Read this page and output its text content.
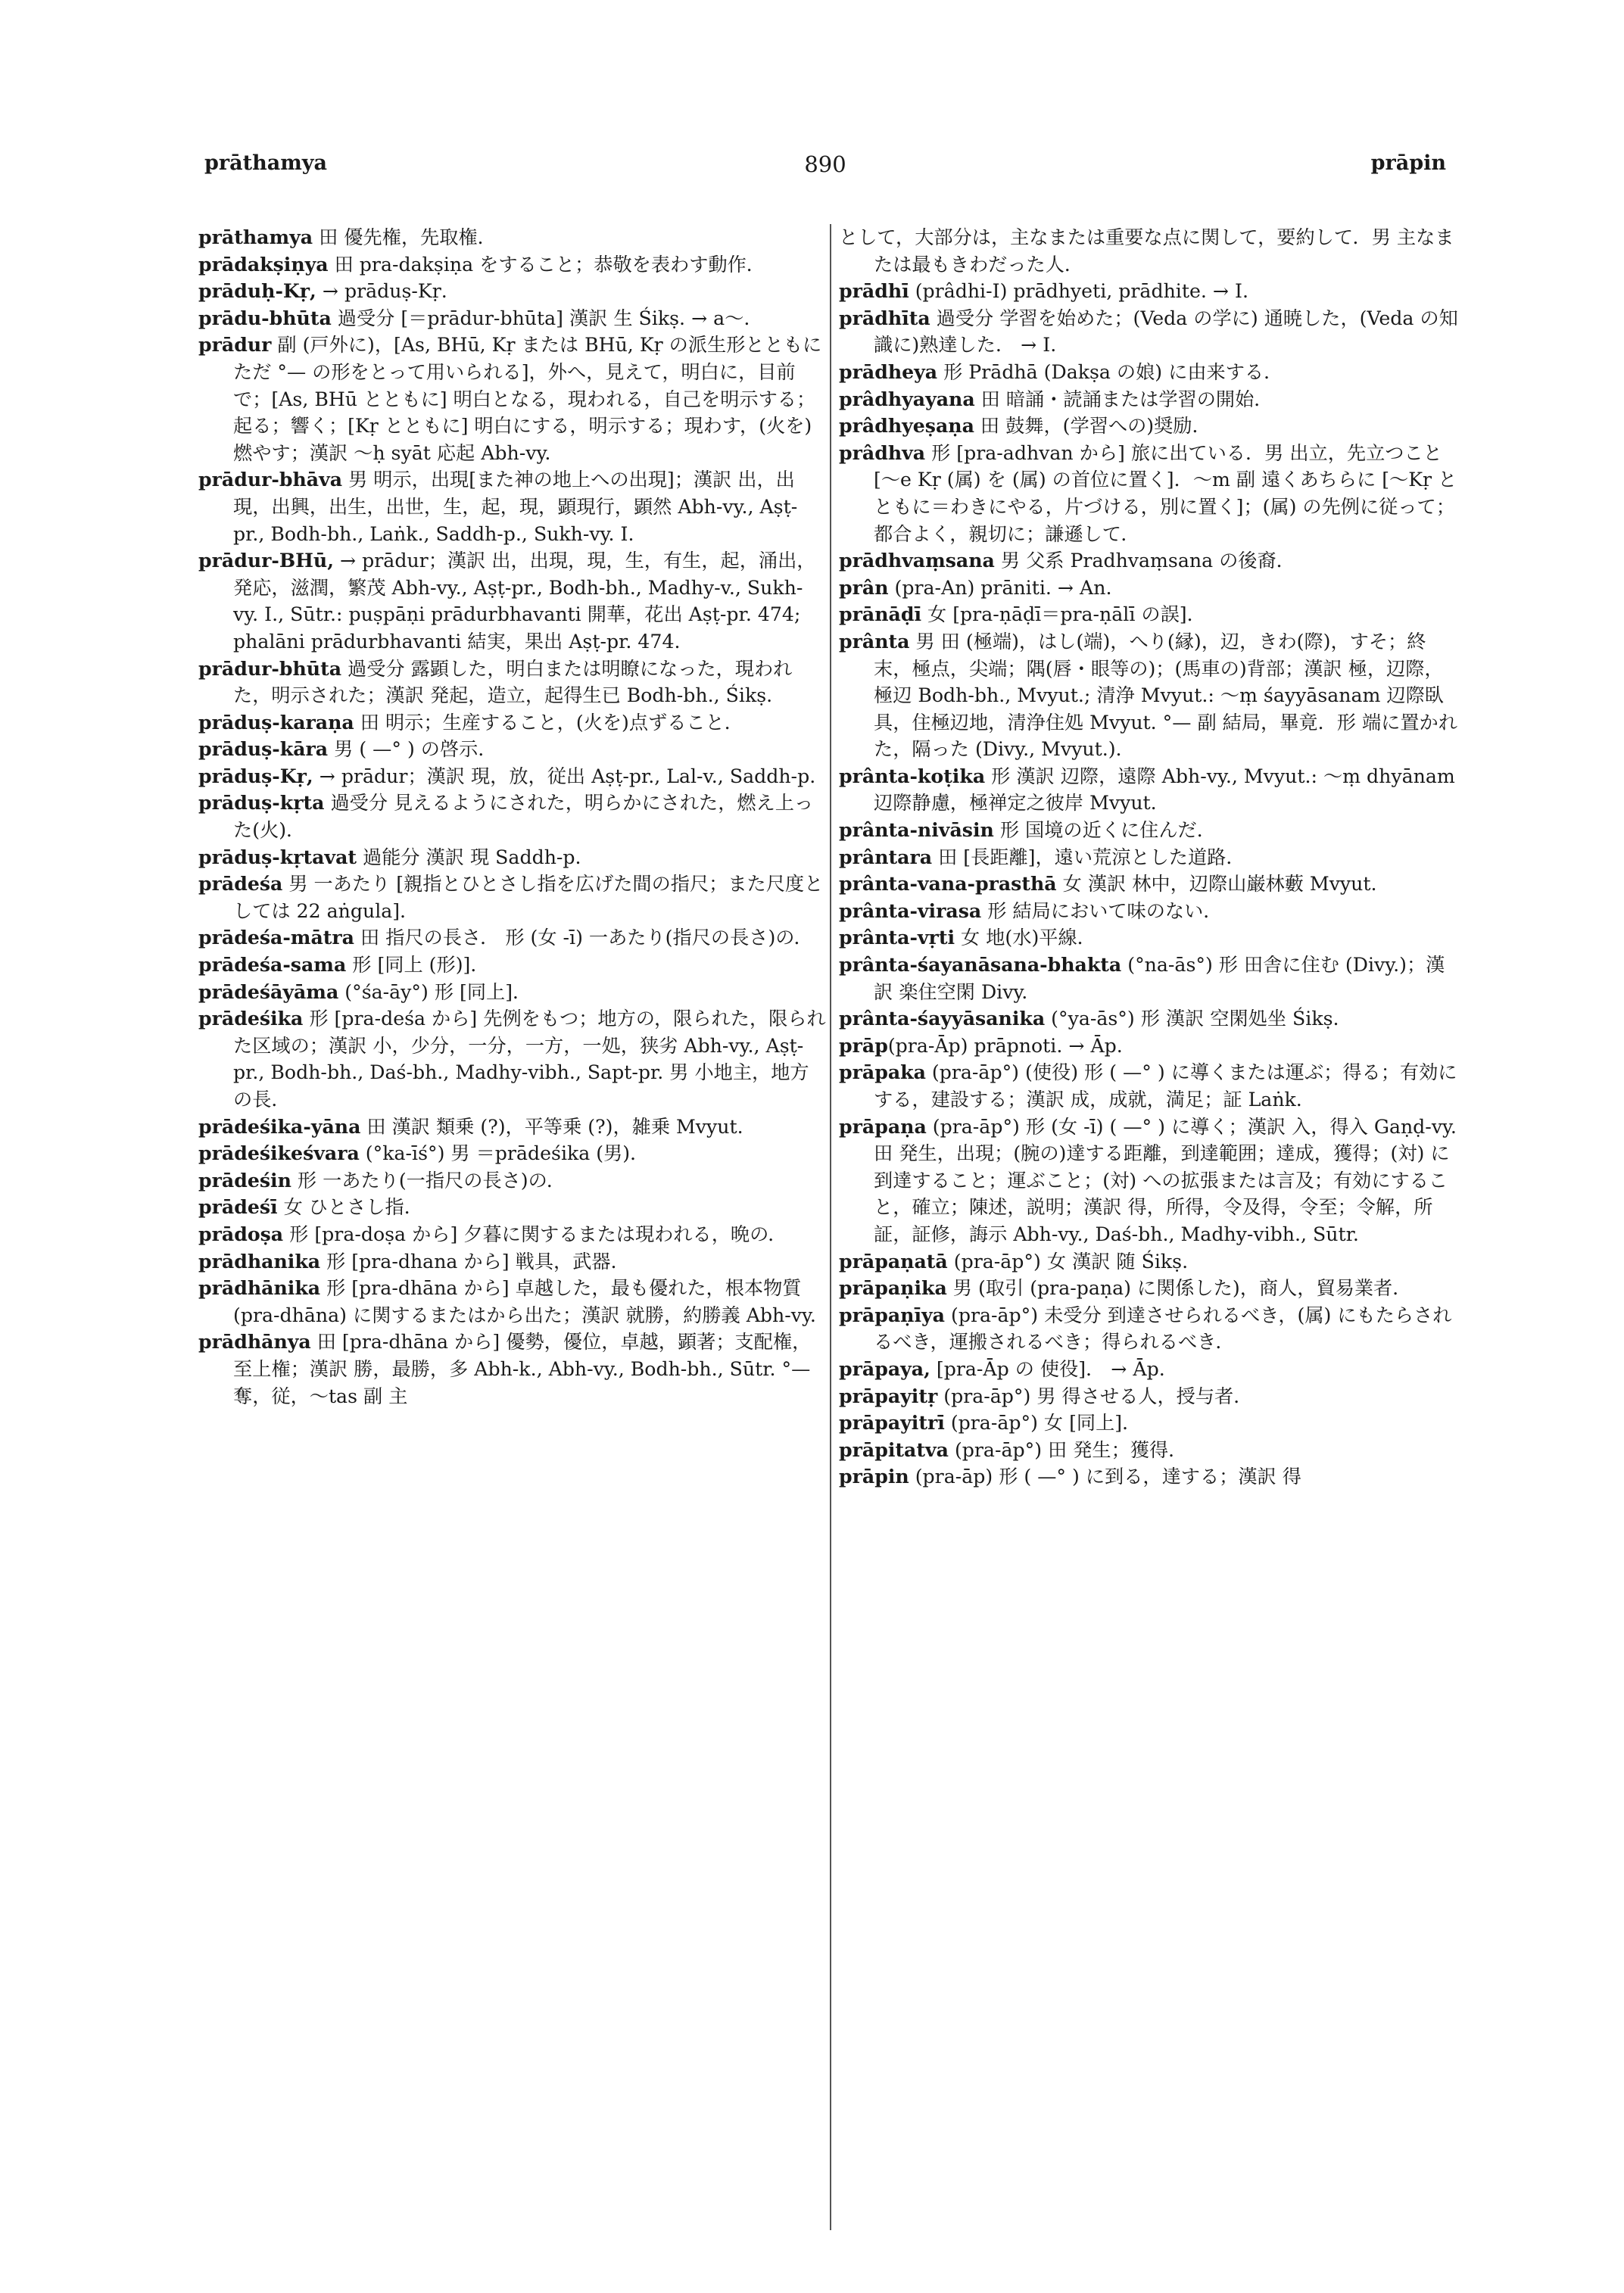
prāthamya	890	prāpin

prāthamya 田 優先権，先取権．

prādakṣiṇya 田 pra-dakṣiṇa をすること；恭敬を表わす動作．

prāduḥ-Kṛ, → prāduṣ-Kṛ.

prādu-bhūta 過受分 [＝prādur-bhūta] 漢訳 生 Śikṣ. → a〜.

prādur 副 (戸外に)，[As, BHū, Kṛ または BHū, Kṛ の派生形とともにただ °— の形をとって用いられる]，外へ，見えて，明白に，目前で；[As, BHū とともに] 明白となる，現われる，自己を明示する；起る；響く；[Kṛ とともに] 明白にする，明示する；現わす，(火を)燃やす；漢訳 〜ḥ syāt 応起 Abh-vy.

prādur-bhāva 男 明示，出現[また神の地上への出現]；漢訳 出，出現，出興，出生，出世，生，起，現，顕現行，顕然 Abh-vy., Aṣṭ-pr., Bodh-bh., Laṅk., Saddh-p., Sukh-vy. I.

prādur-BHū, → prādur；漢訳 出，出現，現，生，有生，起，涌出，発応，滋潤，繁茂 Abh-vy., Aṣṭ-pr., Bodh-bh., Madhy-v., Sukh-vy. I., Sūtr.: puṣpāṇi prādurbhavanti 開華，花出 Aṣṭ-pr. 474; phalāni prādurbhavanti 結実，果出 Aṣṭ-pr. 474.

prādur-bhūta 過受分 露顕した，明白または明瞭になった，現われた，明示された；漢訳 発起，造立，起得生已 Bodh-bh., Śikṣ.

prāduṣ-karaṇa 田 明示；生産すること，(火を)点ずること．

prāduṣ-kāra 男 ( —° ) の啓示．

prāduṣ-Kṛ, → prādur；漢訳 現，放，従出 Aṣṭ-pr., Lal-v., Saddh-p.

prāduṣ-kṛta 過受分 見えるようにされた，明らかにされた，燃え上った(火)．

prāduṣ-kṛtavat 過能分 漢訳 現 Saddh-p.

prādeśa 男 一あたり [親指とひとさし指を広げた間の指尺；また尺度としては 22 aṅgula]．

prādeśa-mātra 田 指尺の長さ． 形 (女 -ī) 一あたり(指尺の長さ)の．

prādeśa-sama 形 [同上 (形)]．

prādeśāyāma (°śa-āy°) 形 [同上]．

prādeśika 形 [pra-deśa から] 先例をもつ；地方の，限られた，限られた区域の；漢訳 小，少分，一分，一方，一処，狭劣 Abh-vy., Aṣṭ-pr., Bodh-bh., Daś-bh., Madhy-vibh., Sapt-pr. 男 小地主，地方の長．

prādeśika-yāna 田 漢訳 類乗 (?)，平等乗 (?)，雑乗 Mvyut.

prādeśikeśvara (°ka-īś°) 男 ＝prādeśika (男)．

prādeśin 形 一あたり(一指尺の長さ)の．

prādeśī 女 ひとさし指．

prādoṣa 形 [pra-doṣa から] 夕暮に関するまたは現われる，晩の．

prādhanika 形 [pra-dhana から] 戦具，武器．

prādhānika 形 [pra-dhāna から] 卓越した，最も優れた，根本物質 (pra-dhāna) に関するまたはから出た；漢訳 就勝，約勝義 Abh-vy.

prādhānya 田 [pra-dhāna から] 優勢，優位，卓越，顕著；支配権，至上権；漢訳 勝，最勝，多 Abh-k., Abh-vy., Bodh-bh., Sūtr. °— 奪，従，〜tas 副 主

として，大部分は，主なまたは重要な点に関して，要約して．男 主なまたは最もきわだった人．

prādhī (prâdhi-I) prādhyeti, prādhite. → I.

prādhīta 過受分 学習を始めた；(Veda の学に) 通暁した，(Veda の知識に)熟達した． → I.

prādheya 形 Prādhā (Dakṣa の娘) に由来する．

prâdhyayana 田 暗誦・読誦または学習の開始．

prâdhyeṣaṇa 田 鼓舞，(学習への)奨励．

prâdhva 形 [pra-adhvan から] 旅に出ている．男 出立，先立つこと [〜e Kṛ (属) を (属) の首位に置く]．〜m 副 遠くあちらに [〜Kṛ とともに＝わきにやる，片づける，別に置く]；(属) の先例に従って；都合よく，親切に；謙遜して．

prādhvaṃsana 男 父系 Pradhvaṃsana の後裔．

prân (pra-An) prāniti. → An.

prānāḍī 女 [pra-ṇāḍī＝pra-ṇālī の誤]．

prânta 男 田 (極端)，はし(端)，へり(縁)，辺，きわ(際)，すそ；終末，極点，尖端；隅(唇・眼等の)；(馬車の)背部；漢訳 極，辺際，極辺 Bodh-bh., Mvyut.; 清浄 Mvyut.: 〜ṃ śayyāsanam 辺際臥具，住極辺地，清浄住処 Mvyut. °— 副 結局，畢竟．形 端に置かれた，隔った (Divy., Mvyut.)．

prânta-koṭika 形 漢訳 辺際，遠際 Abh-vy., Mvyut.: 〜ṃ dhyānam 辺際静慮，極禅定之彼岸 Mvyut.

prânta-nivāsin 形 国境の近くに住んだ．

prântara 田 [長距離]，遠い荒涼とした道路．

prânta-vana-prasthā 女 漢訳 林中，辺際山巌林藪 Mvyut.

prânta-virasa 形 結局において味のない．

prânta-vṛti 女 地(水)平線．

prânta-śayanāsana-bhakta (°na-ās°) 形 田舎に住む (Divy.)；漢訳 楽住空閑 Divy.

prânta-śayyāsanika (°ya-ās°) 形 漢訳 空閑処坐 Śikṣ.

prāp(pra-Āp) prāpnoti. → Āp.

prāpaka (pra-āp°) (使役) 形 ( —° ) に導くまたは運ぶ；得る；有効にする，建設する；漢訳 成，成就，満足；証 Laṅk.

prāpaṇa (pra-āp°) 形 (女 -ī) ( —° ) に導く；漢訳 入，得入 Gaṇḍ-vy. 田 発生，出現；(腕の)達する距離，到達範囲；達成，獲得；(対) に到達すること；運ぶこと；(対) への拡張または言及；有効にすること，確立；陳述，説明；漢訳 得，所得，令及得，令至；令解，所証，証修，誨示 Abh-vy., Daś-bh., Madhy-vibh., Sūtr.

prāpaṇatā (pra-āp°) 女 漢訳 随 Śikṣ.

prāpaṇika 男 (取引 (pra-paṇa) に関係した)，商人，貿易業者．

prāpaṇīya (pra-āp°) 未受分 到達させられるべき，(属) にもたらされるべき，運搬されるべき；得られるべき．

prāpaya, [pra-Āp の 使役]． → Āp.

prāpayitṛ (pra-āp°) 男 得させる人，授与者．

prāpayitrī (pra-āp°) 女 [同上]．

prāpitatva (pra-āp°) 田 発生；獲得．

prāpin (pra-āp) 形 ( —° ) に到る，達する；漢訳 得
